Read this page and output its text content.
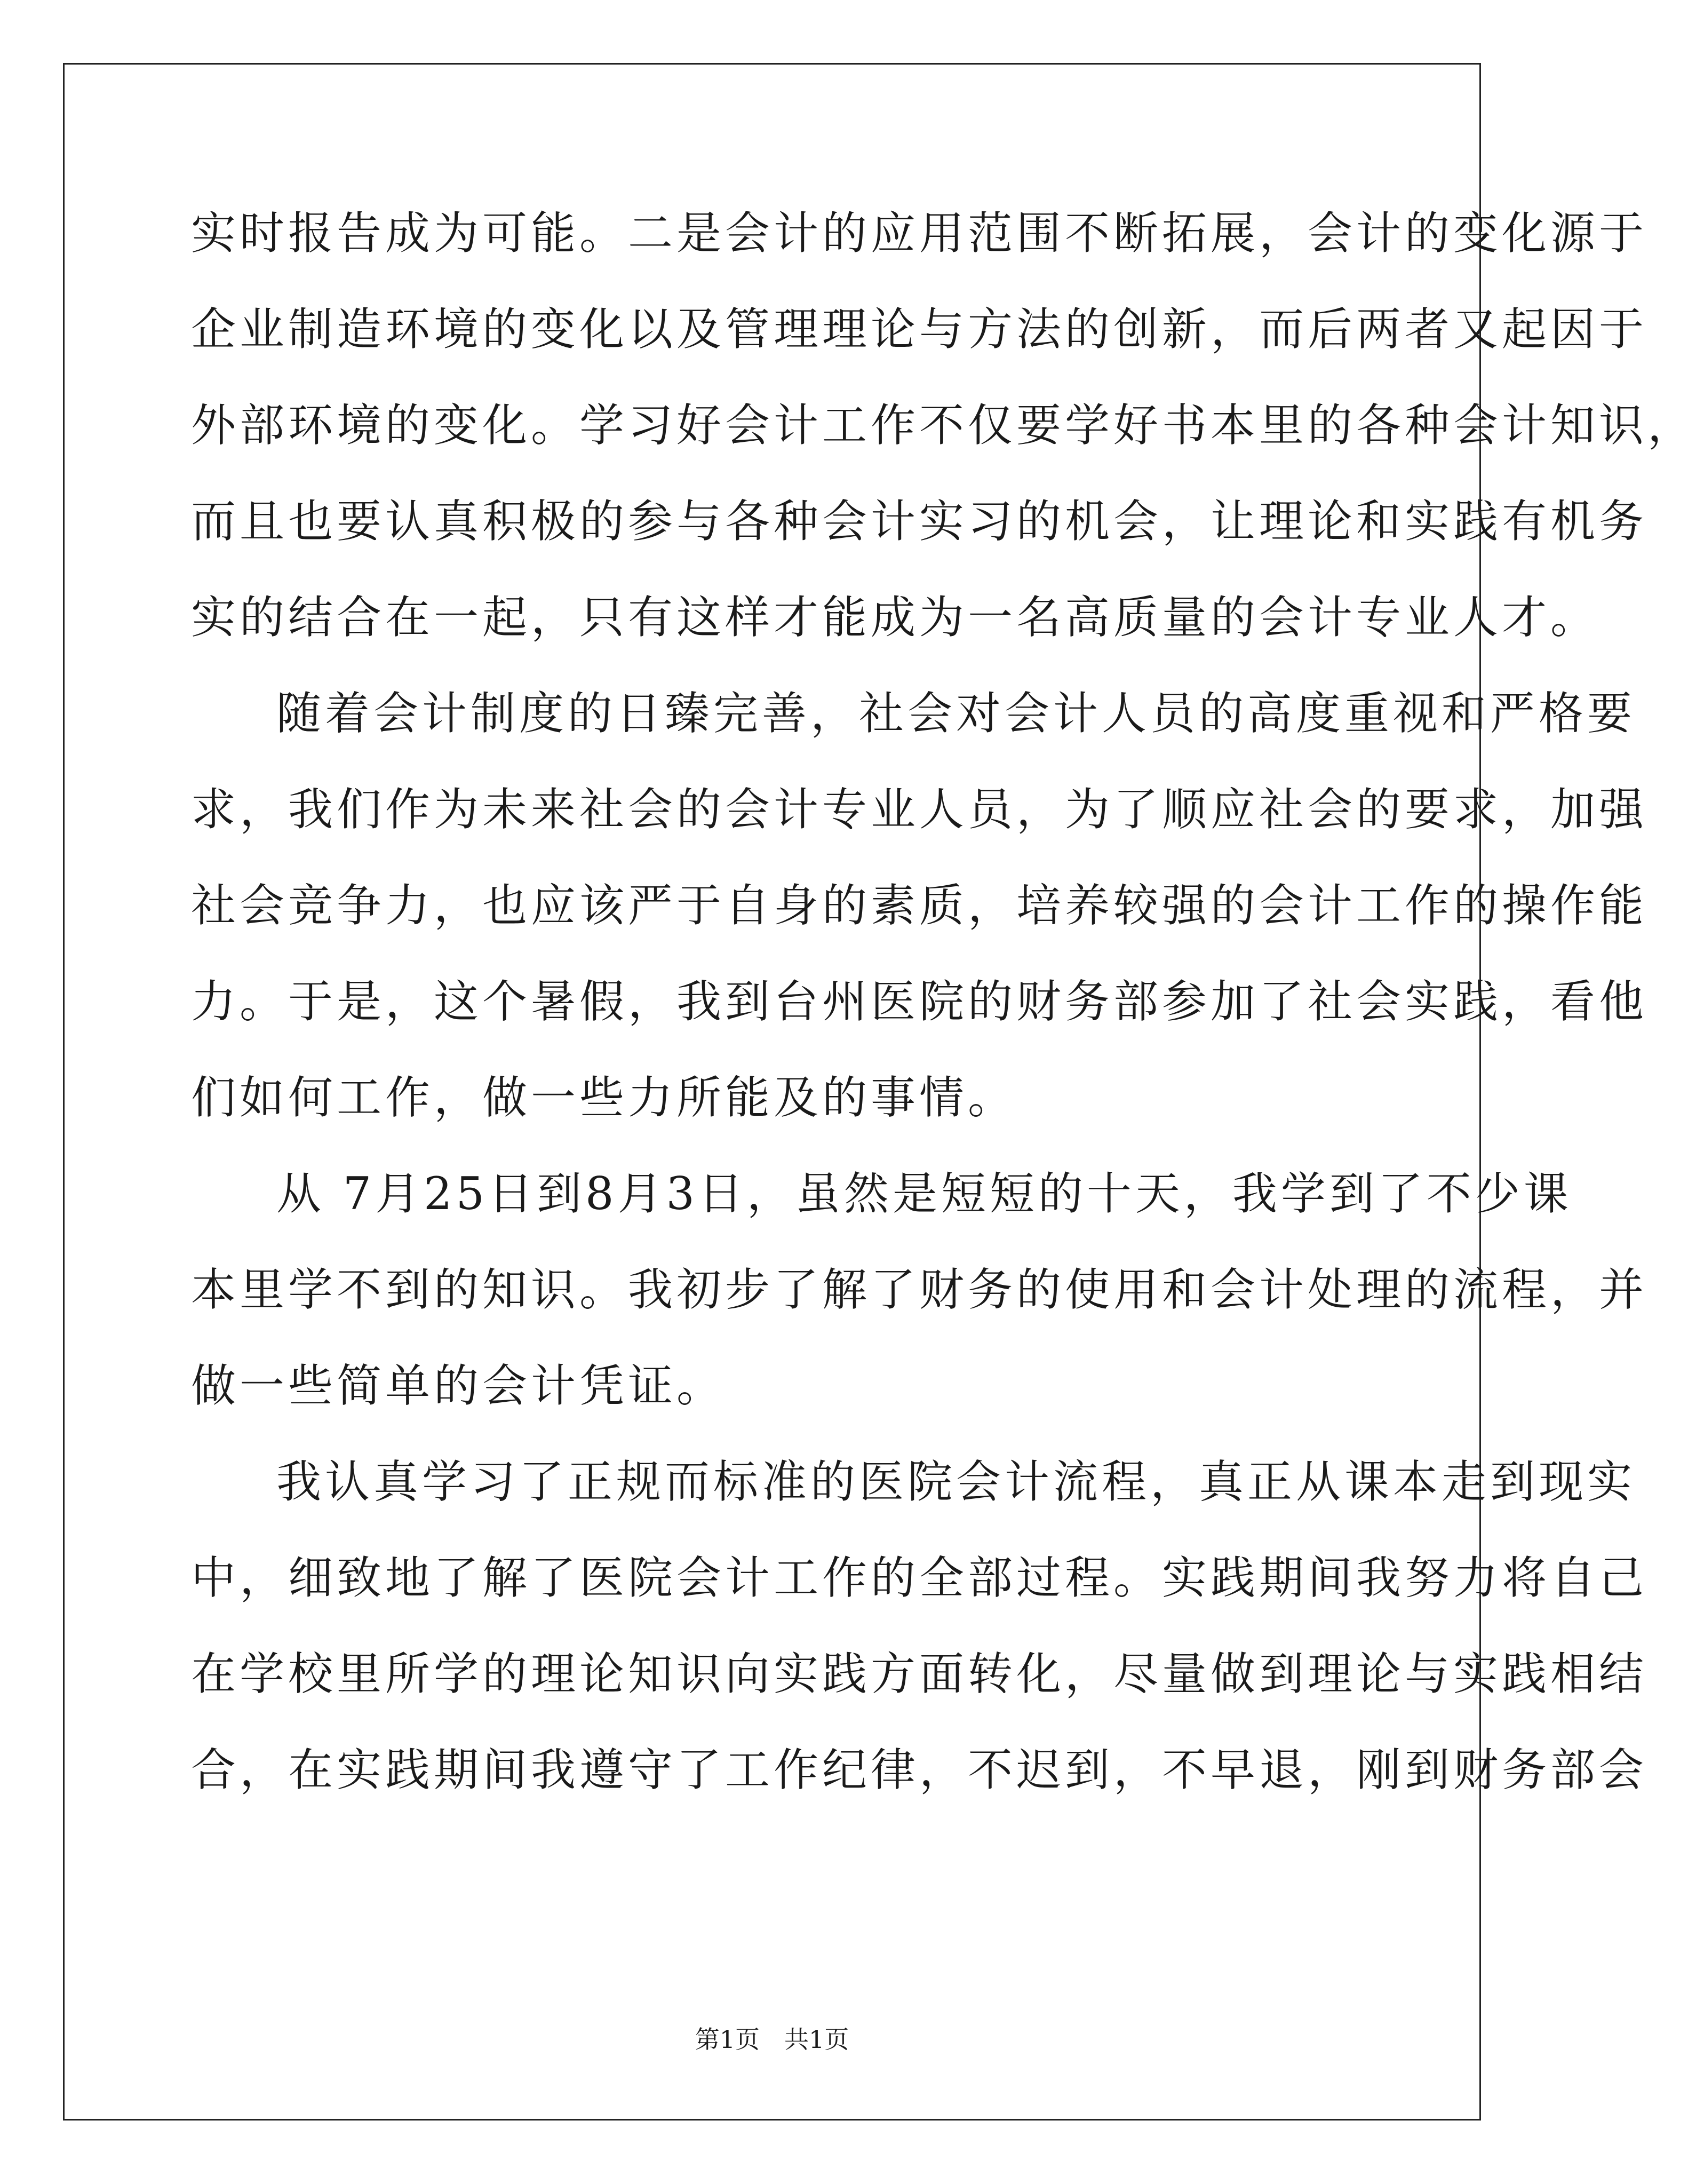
实时报告成为可能。二是会计的应用范围不断拓展，会计的变化源于
企业制造环境的变化以及管理理论与方法的创新，而后两者又起因于
外部环境的变化。学习好会计工作不仅要学好书本里的各种会计知识，
而且也要认真积极的参与各种会计实习的机会，让理论和实践有机务
实的结合在一起，只有这样才能成为一名高质量的会计专业人才。
随着会计制度的日臻完善，社会对会计人员的高度重视和严格要
求，我们作为未来社会的会计专业人员，为了顺应社会的要求，加强
社会竞争力，也应该严于自身的素质，培养较强的会计工作的操作能
力。于是，这个暑假，我到台州医院的财务部参加了社会实践，看他
们如何工作，做一些力所能及的事情。
从 7月25日到8月3日，虽然是短短的十天，我学到了不少课
本里学不到的知识。我初步了解了财务的使用和会计处理的流程，并
做一些简单的会计凭证。
我认真学习了正规而标准的医院会计流程，真正从课本走到现实
中，细致地了解了医院会计工作的全部过程。实践期间我努力将自己
在学校里所学的理论知识向实践方面转化，尽量做到理论与实践相结
合，在实践期间我遵守了工作纪律，不迟到，不早退，刚到财务部会
第1页 共1页
